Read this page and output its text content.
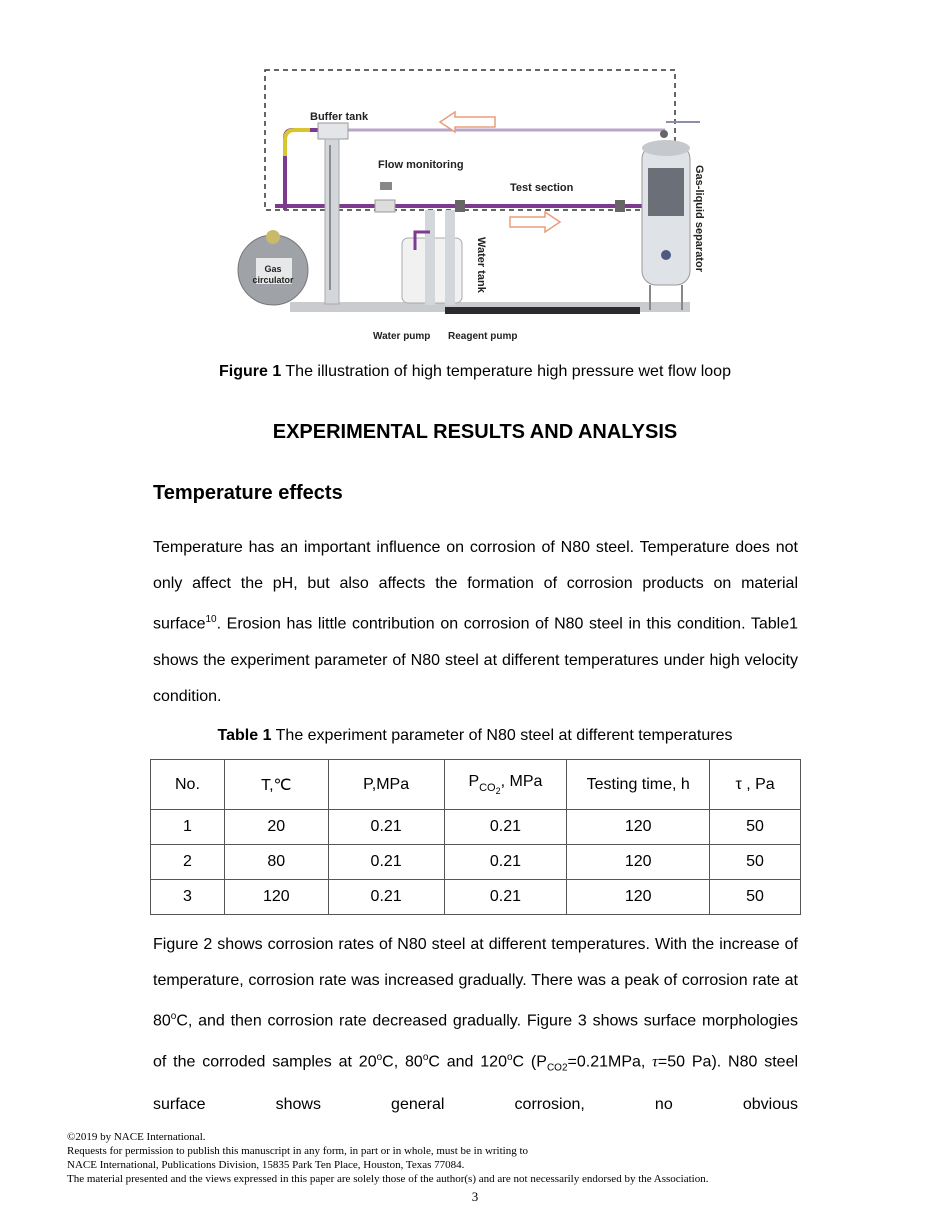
Buffer tank
Flow monitoring
Test section	Gas-liquid separator
Water tank
Gas
circulator
Water pump Reagent pump
Figure 1 The illustration of high temperature high pressure wet flow loop
EXPERIMENTAL RESULTS AND ANALYSIS
Temperature effects
Temperature has an important influence on corrosion of N80 steel. Temperature does not only affect the pH, but also affects the formation of corrosion products on material surface$^{10}$. Erosion has little contribution on corrosion of N80 steel in this condition. Table1 shows the experiment parameter of N80 steel at different temperatures under high velocity condition.
Table 1 The experiment parameter of N80 steel at different temperatures
No.	T,℃	P,MPa	$P_{CO_2}$, MPa	Testing time, h	τ , Pa
1	20	0.21	0.21	120	50
2	80	0.21	0.21	120	50
3	120	0.21	0.21	120	50
Figure 2 shows corrosion rates of N80 steel at different temperatures. With the increase of temperature, corrosion rate was increased gradually. There was a peak of corrosion rate at 80$^o$C, and then corrosion rate decreased gradually. Figure 3 shows surface morphologies of the corroded samples at 20$^o$C, 80$^o$C and 120$^o$C ($P_{CO2}=0.21MPa$, τ=50 Pa). N80 steel surface shows general corrosion, no obvious
©2019 by NACE International.
Requests for permission to publish this manuscript in any form, in part or in whole, must be in writing to
NACE International, Publications Division, 15835 Park Ten Place, Houston, Texas 77084.
The material presented and the views expressed in this paper are solely those of the author(s) and are not necessarily endorsed by the Association.
3
